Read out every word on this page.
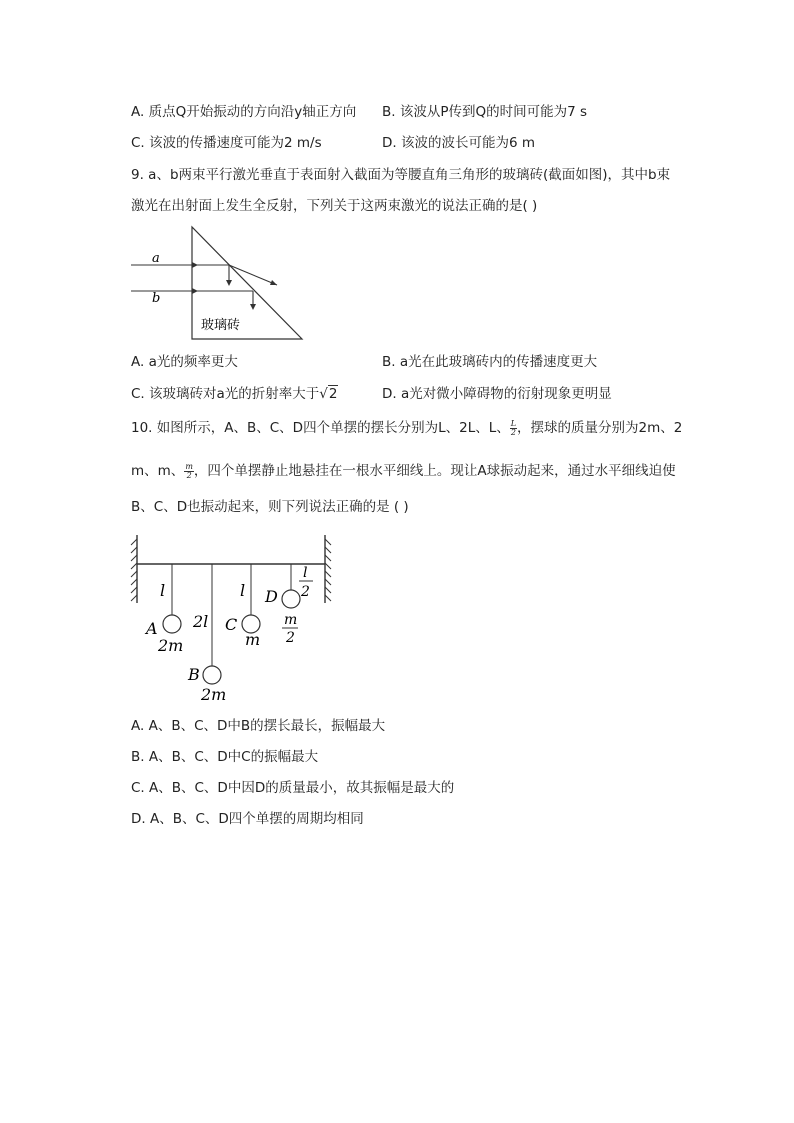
A. 质点Q开始振动的方向沿y轴正方向 B. 该波从P传到Q的时间可能为7 s
C. 该波的传播速度可能为2 m/s	D. 该波的波长可能为6 m
9. a、b两束平行激光垂直于表面射入截面为等腰直角三角形的玻璃砖(截面如图)，其中b束
激光在出射面上发生全反射，下列关于这两束激光的说法正确的是( )
a
b
玻璃砖
A. a光的频率更大	B. a光在此玻璃砖内的传播速度更大
C. 该玻璃砖对a光的折射率大于√2	D. a光对微小障碍物的衍射现象更明显
10. 如图所示，A、B、C、D四个单摆的摆长分别为L、2L、L、 $\frac{L}{2}$ ，摆球的质量分别为2m、2
m、m、 $\frac{m}{2}$ ，四个单摆静止地悬挂在一根水平细线上。现让A球振动起来，通过水平细线迫使
B、C、D也振动起来，则下列说法正确的是 ( )
l
2l
l
l
2
A
B
C
D
2m
2m
m
m
2
A. A、B、C、D中B的摆长最长，振幅最大
B. A、B、C、D中C的振幅最大
C. A、B、C、D中因D的质量最小，故其振幅是最大的
D. A、B、C、D四个单摆的周期均相同
